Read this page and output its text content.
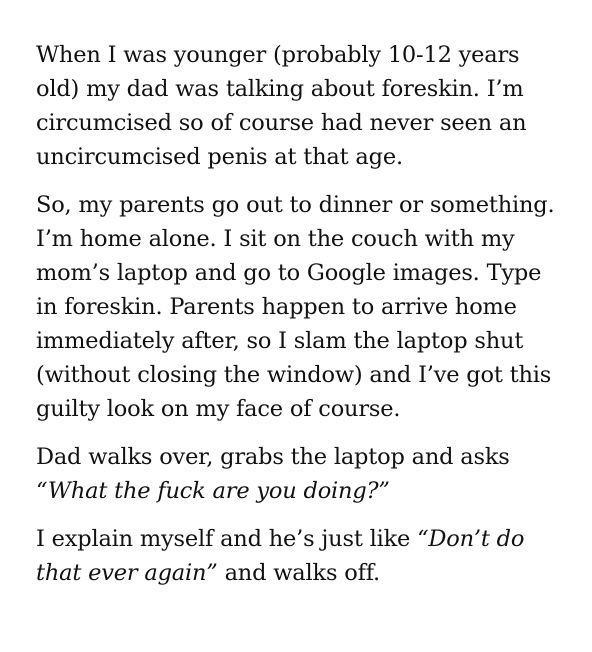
When I was younger (probably 10-12 years
old) my dad was talking about foreskin. I’m
circumcised so of course had never seen an
uncircumcised penis at that age.

So, my parents go out to dinner or something.
I’m home alone. I sit on the couch with my
mom’s laptop and go to Google images. Type
in foreskin. Parents happen to arrive home
immediately after, so I slam the laptop shut
(without closing the window) and I’ve got this
guilty look on my face of course.

Dad walks over, grabs the laptop and asks
“What the fuck are you doing?”

I explain myself and he’s just like “Don’t do
that ever again” and walks off.
